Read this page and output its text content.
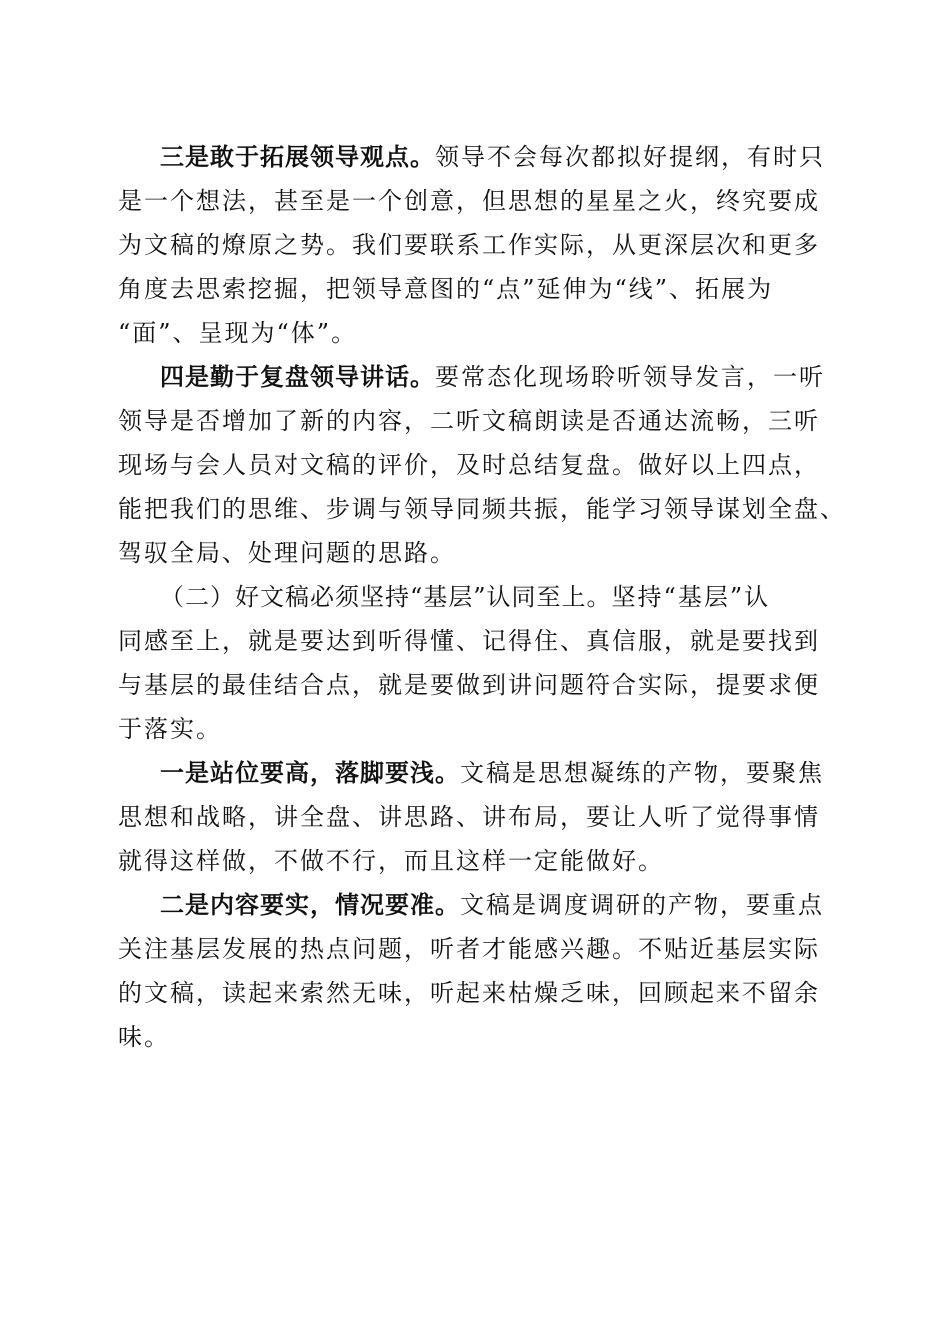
三是敢于拓展领导观点。领导不会每次都拟好提纲，有时只
是一个想法，甚至是一个创意，但思想的星星之火，终究要成
为文稿的燎原之势。我们要联系工作实际，从更深层次和更多
角度去思索挖掘，把领导意图的“点”延伸为“线”、拓展为
“面”、呈现为“体”。
四是勤于复盘领导讲话。要常态化现场聆听领导发言，一听
领导是否增加了新的内容，二听文稿朗读是否通达流畅，三听
现场与会人员对文稿的评价，及时总结复盘。做好以上四点，
能把我们的思维、步调与领导同频共振，能学习领导谋划全盘、
驾驭全局、处理问题的思路。
（二）好文稿必须坚持“基层”认同至上。坚持“基层”认
同感至上，就是要达到听得懂、记得住、真信服，就是要找到
与基层的最佳结合点，就是要做到讲问题符合实际，提要求便
于落实。
一是站位要高，落脚要浅。文稿是思想凝练的产物，要聚焦
思想和战略，讲全盘、讲思路、讲布局，要让人听了觉得事情
就得这样做，不做不行，而且这样一定能做好。
二是内容要实，情况要准。文稿是调度调研的产物，要重点
关注基层发展的热点问题，听者才能感兴趣。不贴近基层实际
的文稿，读起来索然无味，听起来枯燥乏味，回顾起来不留余
味。
